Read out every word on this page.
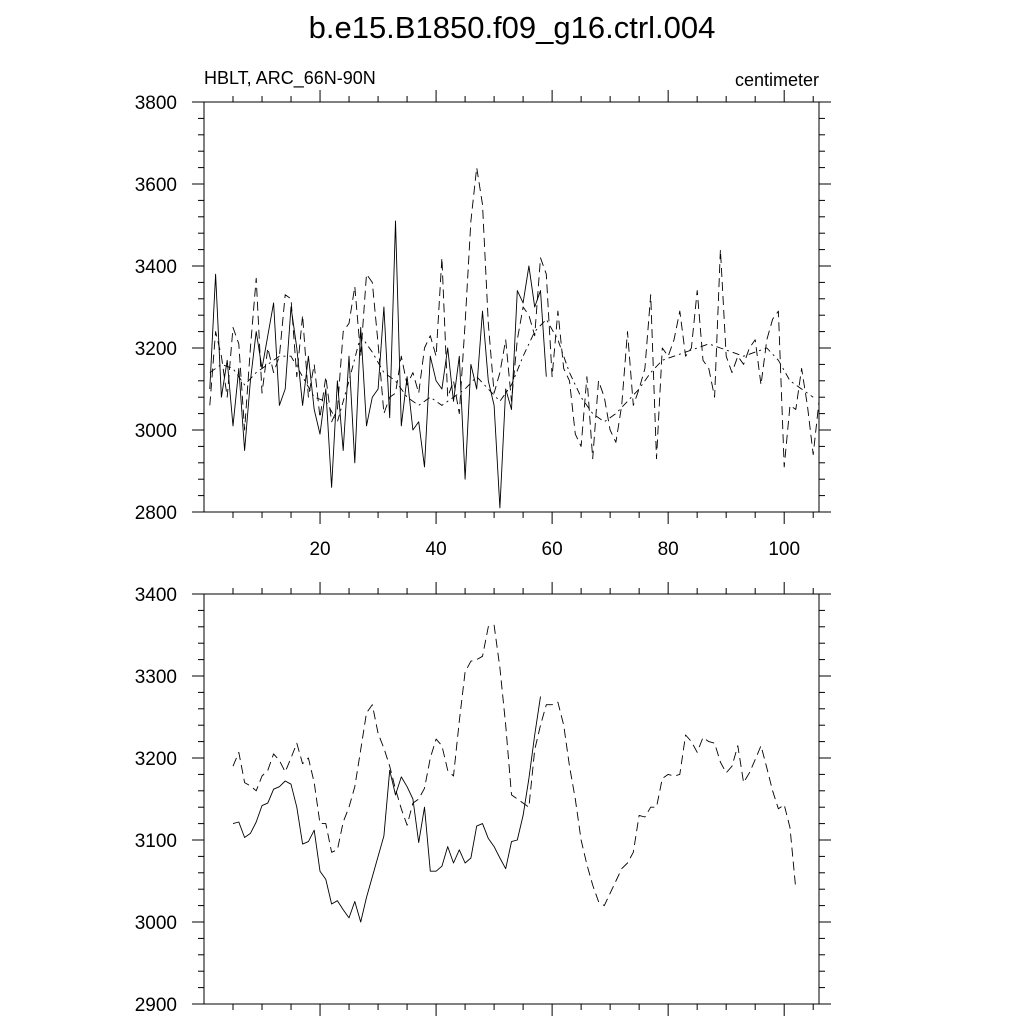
b.e15.B1850.f09_g16.ctrl.004
HBLT, ARC_66N-90N	centimeter
2800
3000
3200
3400
3600
3800
20	40	60	80	100
2900
3000
3100
3200
3300
3400
